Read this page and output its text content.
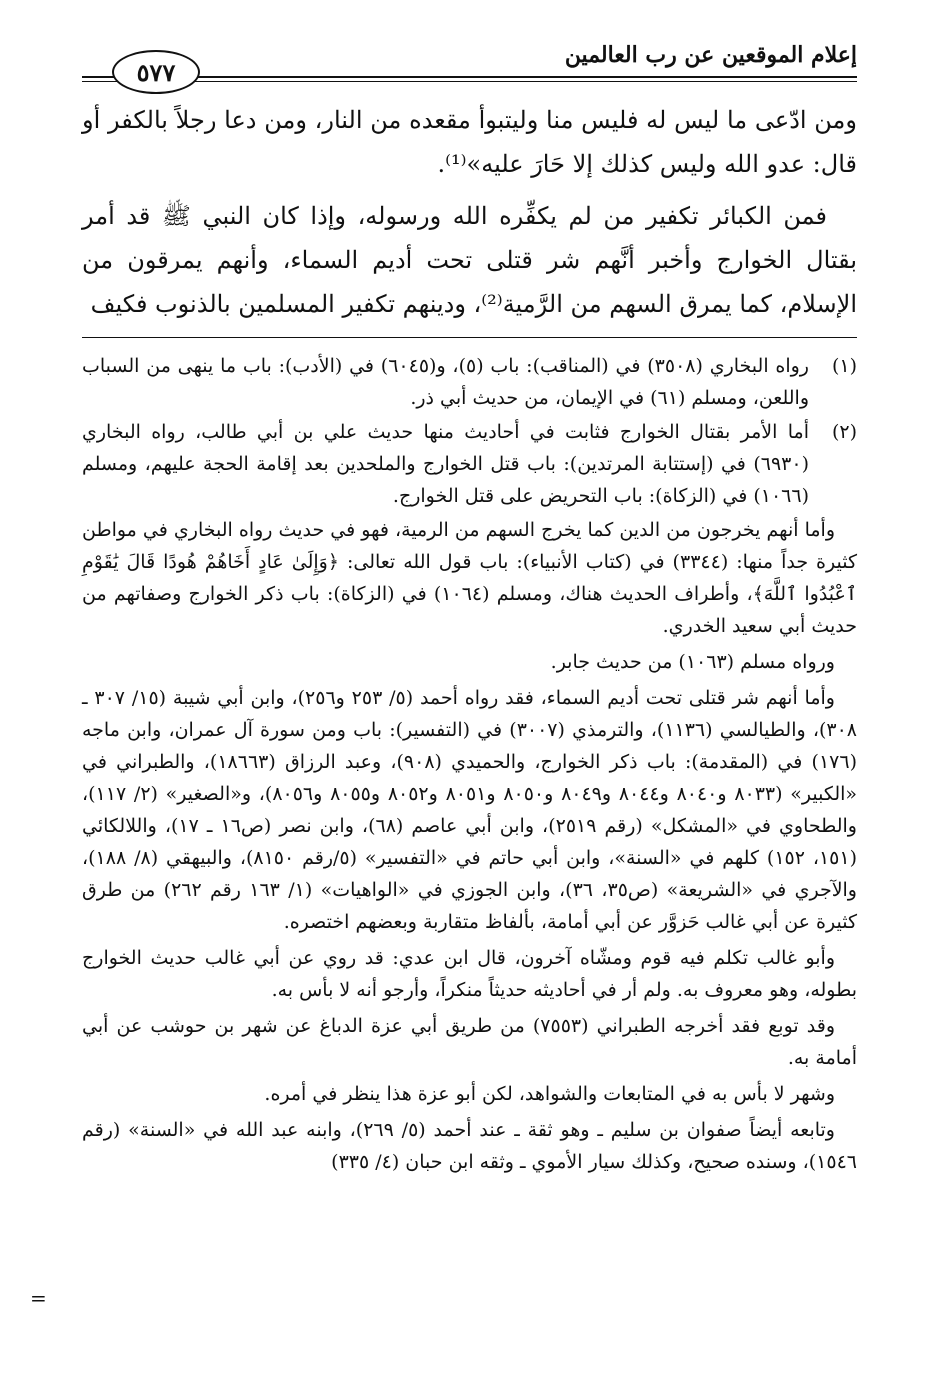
إعلام الموقعين عن رب العالمين
٥٧٧

ومن ادّعى ما ليس له فليس منا وليتبوأ مقعده من النار، ومن دعا رجلاً بالكفر أو قال: عدو الله وليس كذلك إلا حَارَ عليه»⁽¹⁾.

فمن الكبائر تكفير من لم يكفِّره الله ورسوله، وإذا كان النبي ﷺ قد أمر بقتال الخوارج وأخبر أنَّهم شر قتلى تحت أديم السماء، وأنهم يمرقون من الإسلام، كما يمرق السهم من الرَّمية⁽²⁾، ودينهم تكفير المسلمين بالذنوب فكيف

(١)
رواه البخاري (٣٥٠٨) في (المناقب): باب (٥)، و(٦٠٤٥) في (الأدب): باب ما ينهى من السباب واللعن، ومسلم (٦١) في الإيمان، من حديث أبي ذر.
(٢)
أما الأمر بقتال الخوارج فثابت في أحاديث منها حديث علي بن أبي طالب، رواه البخاري (٦٩٣٠) في (إستتابة المرتدين): باب قتل الخوارج والملحدين بعد إقامة الحجة عليهم، ومسلم (١٠٦٦) في (الزكاة): باب التحريض على قتل الخوارج.

وأما أنهم يخرجون من الدين كما يخرج السهم من الرمية، فهو في حديث رواه البخاري في مواطن كثيرة جداً منها: (٣٣٤٤) في (كتاب الأنبياء): باب قول الله تعالى: ﴿وَإِلَىٰ عَادٍ أَخَاهُمْ هُودًا قَالَ يَٰقَوْمِ ٱعْبُدُوا ٱللَّهَ﴾، وأطراف الحديث هناك، ومسلم (١٠٦٤) في (الزكاة): باب ذكر الخوارج وصفاتهم من حديث أبي سعيد الخدري.

ورواه مسلم (١٠٦٣) من حديث جابر.

وأما أنهم شر قتلى تحت أديم السماء، فقد رواه أحمد (٥/ ٢٥٣ و٢٥٦)، وابن أبي شيبة (١٥/ ٣٠٧ ـ ٣٠٨)، والطيالسي (١١٣٦)، والترمذي (٣٠٠٧) في (التفسير): باب ومن سورة آل عمران، وابن ماجه (١٧٦) في (المقدمة): باب ذكر الخوارج، والحميدي (٩٠٨)، وعبد الرزاق (١٨٦٦٣)، والطبراني في «الكبير» (٨٠٣٣ و٨٠٤٠ و٨٠٤٤ و٨٠٤٩ و٨٠٥٠ و٨٠٥١ و٨٠٥٢ و٨٠٥٥ و٨٠٥٦)، و«الصغير» (٢/ ١١٧)، والطحاوي في «المشكل» (رقم ٢٥١٩)، وابن أبي عاصم (٦٨)، وابن نصر (ص١٦ ـ ١٧)، واللالكائي (١٥١، ١٥٢) كلهم في «السنة»، وابن أبي حاتم في «التفسير» (٥/رقم ٨١٥٠)، والبيهقي (٨/ ١٨٨)، والآجري في «الشريعة» (ص٣٥، ٣٦)، وابن الجوزي في «الواهيات» (١/ ١٦٣ رقم ٢٦٢) من طرق كثيرة عن أبي غالب حَزوَّر عن أبي أمامة، بألفاظ متقاربة وبعضهم اختصره.

وأبو غالب تكلم فيه قوم ومشّاه آخرون، قال ابن عدي: قد روي عن أبي غالب حديث الخوارج بطوله، وهو معروف به. ولم أر في أحاديثه حديثاً منكراً، وأرجو أنه لا بأس به.

وقد توبع فقد أخرجه الطبراني (٧٥٥٣) من طريق أبي عزة الدباغ عن شهر بن حوشب عن أبي أمامة به.

وشهر لا بأس به في المتابعات والشواهد، لكن أبو عزة هذا ينظر في أمره.

وتابعه أيضاً صفوان بن سليم ـ وهو ثقة ـ عند أحمد (٥/ ٢٦٩)، وابنه عبد الله في «السنة» (رقم ١٥٤٦)، وسنده صحيح، وكذلك سيار الأموي ـ وثقه ابن حبان (٤/ ٣٣٥)

=
